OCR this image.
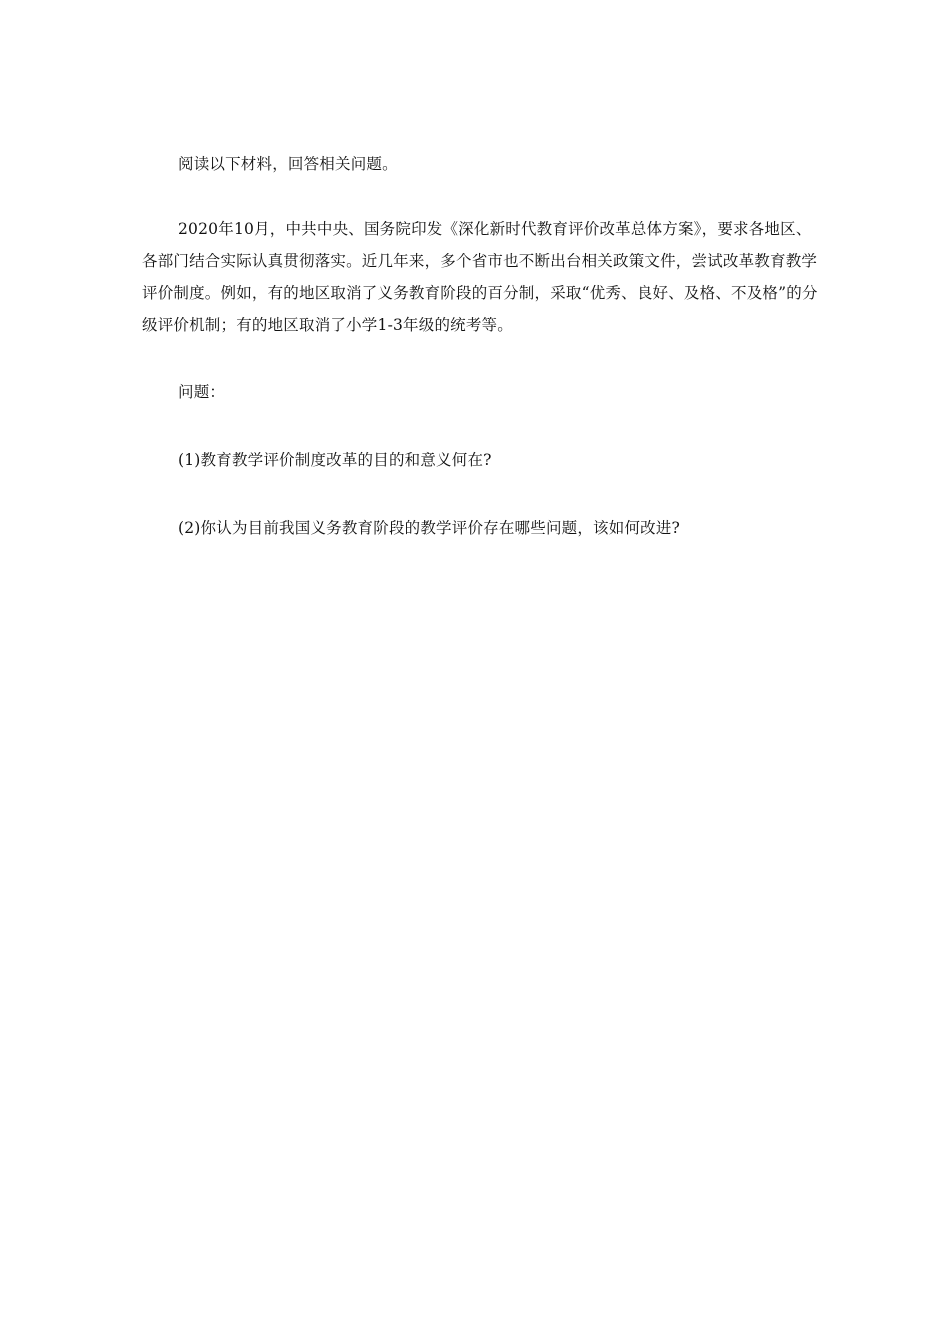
阅读以下材料，回答相关问题。

2020年10月，中共中央、国务院印发《深化新时代教育评价改革总体方案》，要求各地区、各部门结合实际认真贯彻落实。近几年来，多个省市也不断出台相关政策文件，尝试改革教育教学评价制度。例如，有的地区取消了义务教育阶段的百分制，采取“优秀、良好、及格、不及格”的分级评价机制；有的地区取消了小学1-3年级的统考等。

问题：

(1)教育教学评价制度改革的目的和意义何在?

(2)你认为目前我国义务教育阶段的教学评价存在哪些问题，该如何改进?
